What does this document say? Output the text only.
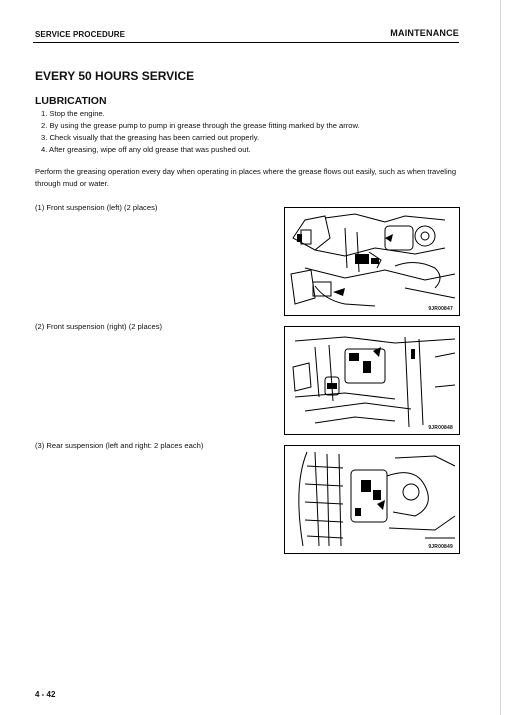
SERVICE PROCEDURE	MAINTENANCE
EVERY 50 HOURS SERVICE
LUBRICATION
1. Stop the engine.
2. By using the grease pump to pump in grease through the grease fitting marked by the arrow.
3. Check visually that the greasing has been carried out properly.
4. After greasing, wipe off any old grease that was pushed out.
Perform the greasing operation every day when operating in places where the grease flows out easily, such as when traveling through mud or water.
(1) Front suspension (left) (2 places)
9JR00847
(2) Front suspension (right) (2 places)
9JR00848
(3) Rear suspension (left and right: 2 places each)
9JR00849
4 - 42
